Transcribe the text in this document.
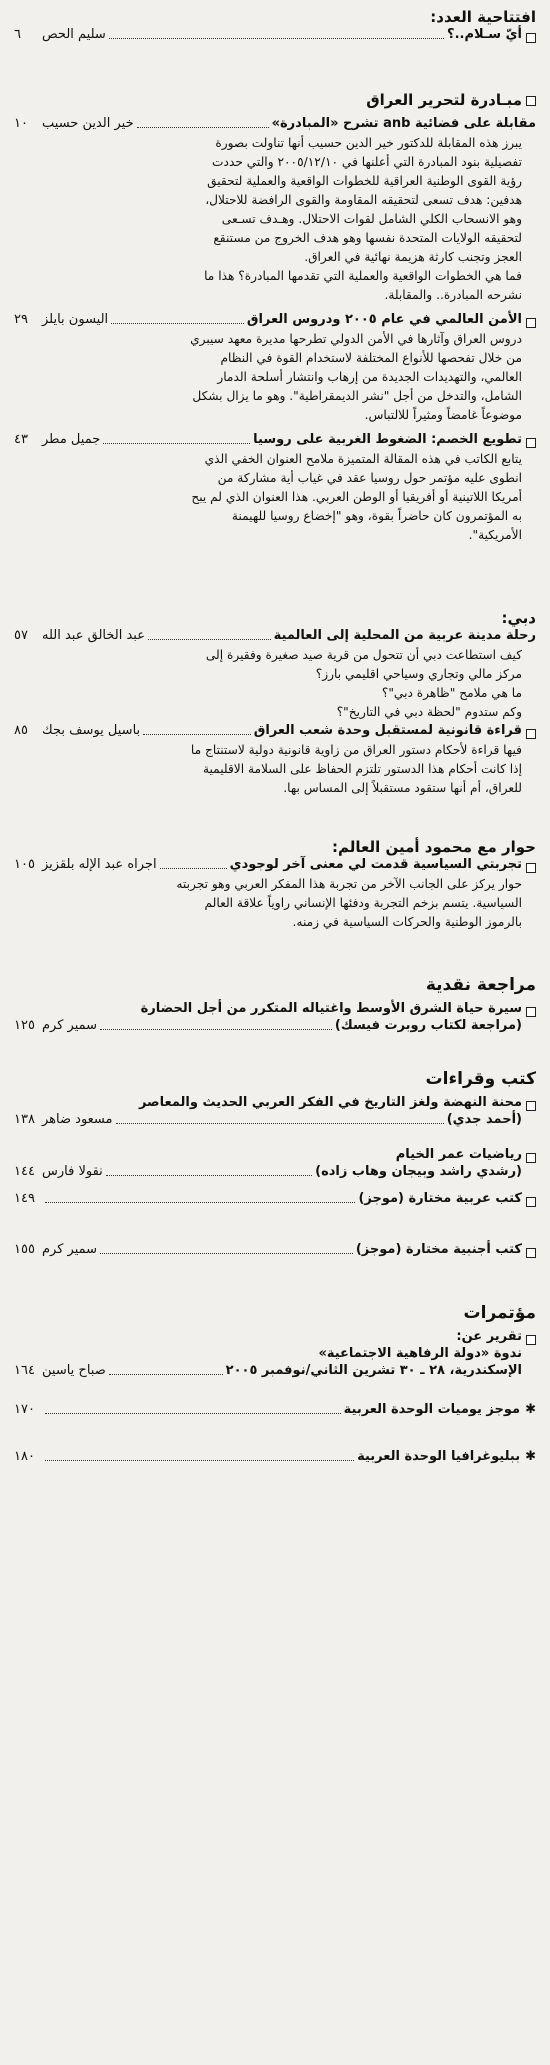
افتتاحية العدد:
أيّ سـلام..؟
سليم الحص
٦
مبـادرة لتحرير العراق
مقابلة على فضائية anb تشرح «المبادرة»
خير الدين حسيب
١٠
يبرز هذه المقابلة للدكتور خير الدين حسيب أنها تناولت بصورة
تفصيلية بنود المبادرة التي أعلنها في ٢٠٠٥/١٢/١٠ والتي حددت
رؤية القوى الوطنية العراقية للخطوات الواقعية والعملية لتحقيق
هدفين: هدف تسعى لتحقيقه المقاومة والقوى الرافضة للاحتلال،
وهو الانسحاب الكلي الشامل لقوات الاحتلال. وهـدف تسـعى
لتحقيقه الولايات المتحدة نفسها وهو هدف الخروج من مستنقع
العجز وتجنب كارثة هزيمة نهائية في العراق.
فما هي الخطوات الواقعية والعملية التي تقدمها المبادرة؟ هذا ما
نشرحه المبادرة.. والمقابلة.
الأمن العالمي في عام ٢٠٠٥ ودروس العراق
اليسون بايلز
٢٩
دروس العراق وآثارها في الأمن الدولي تطرحها مديرة معهد سيبري
من خلال تفحصها للأنواع المختلفة لاستخدام القوة في النظام
العالمي، والتهديدات الجديدة من إرهاب وانتشار أسلحة الدمار
الشامل، والتدخل من أجل "نشر الديمقراطية". وهو ما يزال بشكل
موضوعاً غامضاً ومثيراً للالتباس.
تطويع الخصم: الضغوط الغربية على روسيا
جميل مطر
٤٣
يتابع الكاتب في هذه المقالة المتميزة ملامح العنوان الخفي الذي
انطوى عليه مؤتمر حول روسيا عقد في غياب أية مشاركة من
أمريكا اللاتينية أو أفريقيا أو الوطن العربي. هذا العنوان الذي لم يبح
به المؤتمرون كان حاضراً بقوة، وهو "إخضاع روسيا للهيمنة
الأمريكية".
دبي:
رحلة مدينة عربية من المحلية إلى العالمية
عبد الخالق عبد الله
٥٧
كيف استطاعت دبي أن تتحول من قرية صيد صغيرة وفقيرة إلى
مركز مالي وتجاري وسياحي اقليمي بارز؟
ما هي ملامح "ظاهرة دبي"؟
وكم ستدوم "لحظة دبي في التاريخ"؟
قراءة قانونية لمستقبل وحدة شعب العراق
باسيل يوسف بجك
٨٥
فيها قراءة لأحكام دستور العراق من زاوية قانونية دولية لاستنتاج ما
إذا كانت أحكام هذا الدستور تلتزم الحفاظ على السلامة الاقليمية
للعراق، أم أنها ستقود مستقبلاً إلى المساس بها.
حوار مع محمود أمين العالم:
تجربتي السياسية قدمت لي معنى آخر لوجودي
اجراه عبد الإله بلقزيز
١٠٥
حوار يركز على الجانب الآخر من تجربة هذا المفكر العربي وهو تجربته
السياسية. يتسم بزخم التجربة ودفئها الإنساني راوياً علاقة العالم
بالرموز الوطنية والحركات السياسية في زمنه.
مراجعة نقدية
سيرة حياة الشرق الأوسط واغتياله المتكرر من أجل الحضارة
(مراجعة لكتاب روبرت فيسك)
سمير كرم
١٢٥
كتب وقراءات
محنة النهضة ولغز التاريخ في الفكر العربي الحديث والمعاصر
(أحمد جدي)
مسعود ضاهر
١٣٨
رياضيات عمر الخيام
(رشدي راشد وبيجان وهاب زاده)
نقولا فارس
١٤٤
كتب عربية مختارة (موجز)
١٤٩
كتب أجنبية مختارة (موجز)
سمير كرم
١٥٥
مؤتمرات
تقرير عن:
ندوة «دولة الرفاهية الاجتماعية»
الإسكندرية، ٢٨ ـ ٣٠ تشرين الثاني/نوفمبر ٢٠٠٥
صباح ياسين
١٦٤
✱
موجز يوميات الوحدة العربية
١٧٠
✱
ببليوغرافيا الوحدة العربية
١٨٠
